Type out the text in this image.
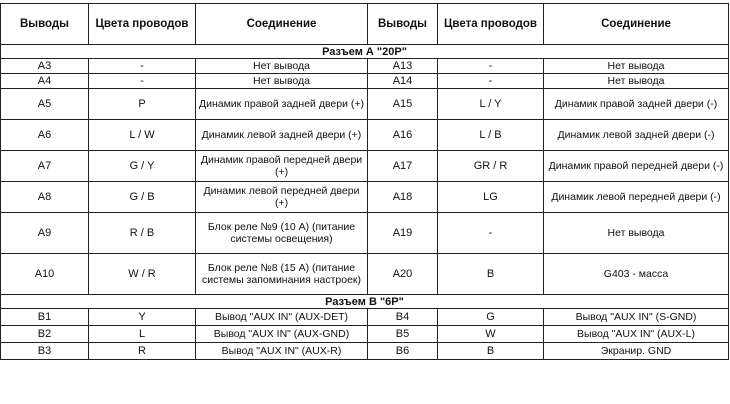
Выводы	Цвета проводов	Соединение	Выводы	Цвета проводов	Соединение
Разъем А "20P"					
A3	-	Нет вывода	A13	-	Нет вывода
A4	-	Нет вывода	A14	-	Нет вывода
A5	P	Динамик правой задней двери (+)	A15	L / Y	Динамик правой задней двери (-)
A6	L / W	Динамик левой задней двери (+)	A16	L / B	Динамик левой задней двери (-)
A7	G / Y	Динамик правой передней двери (+)	A17	GR / R	Динамик правой передней двери (-)
A8	G / B	Динамик левой передней двери (+)	A18	LG	Динамик левой передней двери (-)
A9	R / B	Блок реле №9 (10 А) (питание системы освещения)	A19	-	Нет вывода
A10	W / R	Блок реле №8 (15 А) (питание системы запоминания настроек)	A20	B	G403 - масса
Разъем В "6P"					
B1	Y	Вывод "AUX IN" (AUX-DET)	B4	G	Вывод "AUX IN" (S-GND)
B2	L	Вывод "AUX IN" (AUX-GND)	B5	W	Вывод "AUX IN" (AUX-L)
B3	R	Вывод "AUX IN" (AUX-R)	B6	B	Экранир. GND
